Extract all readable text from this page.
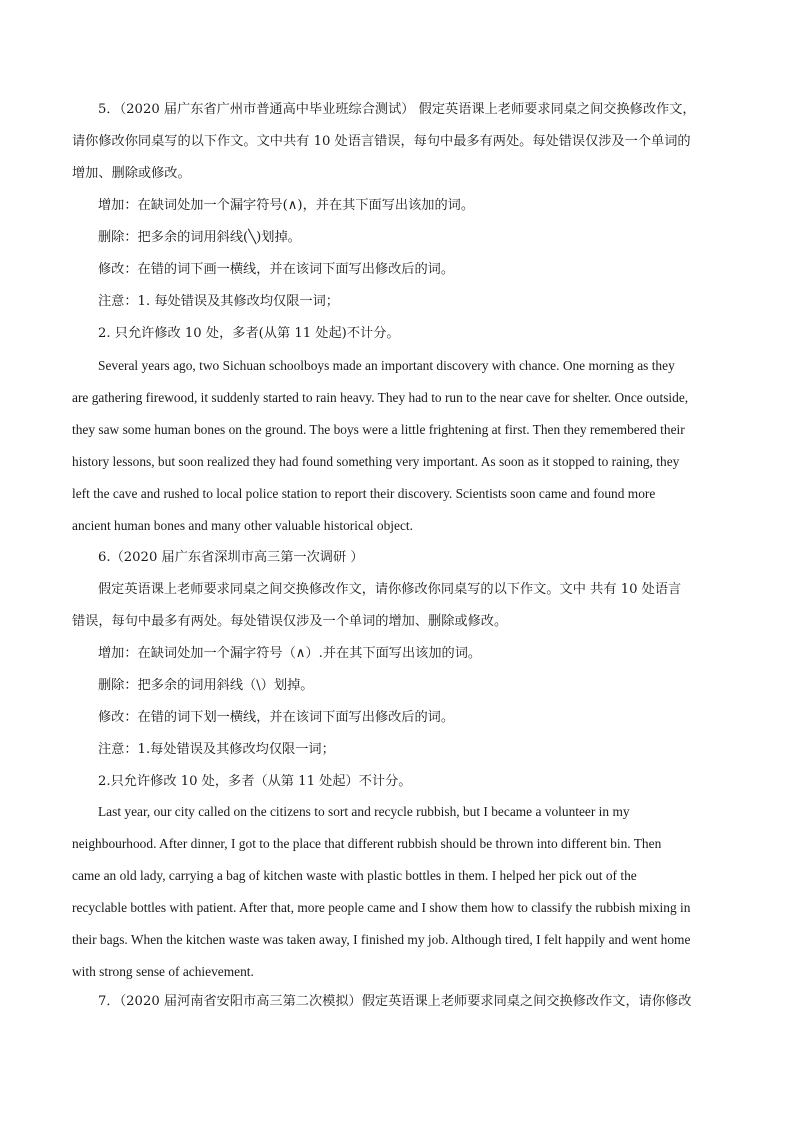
5．（2020 届广东省广州市普通高中毕业班综合测试） 假定英语课上老师要求同桌之间交换修改作文，
请你修改你同桌写的以下作文。文中共有 10 处语言错误，每句中最多有两处。每处错误仅涉及一个单词的
增加、删除或修改。
增加：在缺词处加一个漏字符号(∧)，并在其下面写出该加的词。
删除：把多余的词用斜线(╲)划掉。
修改：在错的词下画一横线，并在该词下面写出修改后的词。
注意：1. 每处错误及其修改均仅限一词；
2. 只允许修改 10 处，多者(从第 11 处起)不计分。
Several years ago, two Sichuan schoolboys made an important discovery with chance. One morning as they
are gathering firewood, it suddenly started to rain heavy. They had to run to the near cave for shelter. Once outside,
they saw some human bones on the ground. The boys were a little frightening at first. Then they remembered their
history lessons, but soon realized they had found something very important. As soon as it stopped to raining, they
left the cave and rushed to local police station to report their discovery. Scientists soon came and found more
ancient human bones and many other valuable historical object.
6.（2020 届广东省深圳市高三第一次调研 ）
假定英语课上老师要求同桌之间交换修改作文，请你修改你同桌写的以下作文。文中 共有 10 处语言
错误，每句中最多有两处。每处错误仅涉及一个单词的增加、删除或修改。
增加：在缺词处加一个漏字符号（∧）.并在其下面写出该加的词。
删除：把多余的词用斜线（\）划掉。
修改：在错的词下划一横线，并在该词下面写出修改后的词。
注意：1.每处错误及其修改均仅限一词；
2.只允许修改 10 处，多者（从第 11 处起）不计分。
Last year, our city called on the citizens to sort and recycle rubbish, but I became a volunteer in my
neighbourhood. After dinner, I got to the place that different rubbish should be thrown into different bin. Then
came an old lady, carrying a bag of kitchen waste with plastic bottles in them. I helped her pick out of the
recyclable bottles with patient. After that, more people came and I show them how to classify the rubbish mixing in
their bags. When the kitchen waste was taken away, I finished my job. Although tired, I felt happily and went home
with strong sense of achievement.
7．（2020 届河南省安阳市高三第二次模拟）假定英语课上老师要求同桌之间交换修改作文，请你修改
